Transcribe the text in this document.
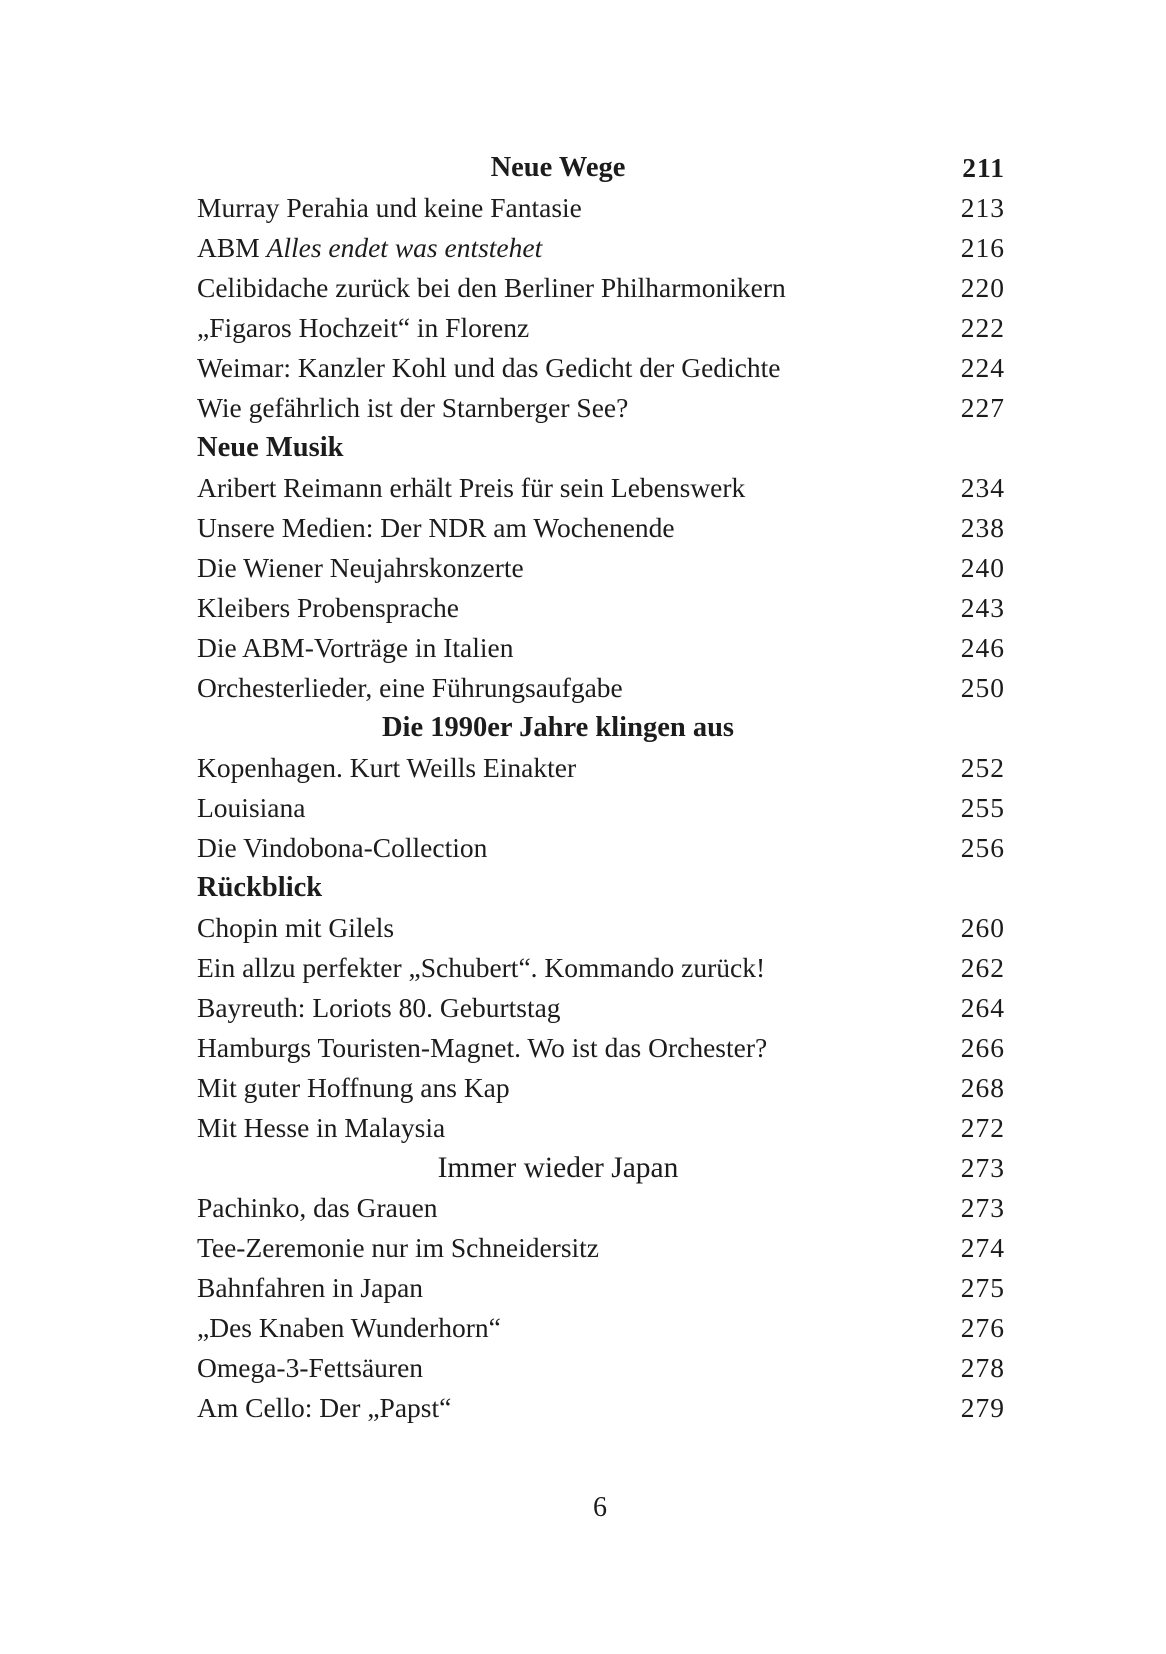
Neue Wege	211
Murray Perahia und keine Fantasie	213
ABM Alles endet was entstehet	216
Celibidache zurück bei den Berliner Philharmonikern	220
„Figaros Hochzeit“ in Florenz	222
Weimar: Kanzler Kohl und das Gedicht der Gedichte	224
Wie gefährlich ist der Starnberger See?	227
Neue Musik
Aribert Reimann erhält Preis für sein Lebenswerk	234
Unsere Medien: Der NDR am Wochenende	238
Die Wiener Neujahrskonzerte	240
Kleibers Probensprache	243
Die ABM-Vorträge in Italien	246
Orchesterlieder, eine Führungsaufgabe	250
Die 1990er Jahre klingen aus
Kopenhagen. Kurt Weills Einakter	252
Louisiana	255
Die Vindobona-Collection	256
Rückblick
Chopin mit Gilels	260
Ein allzu perfekter „Schubert“. Kommando zurück!	262
Bayreuth: Loriots 80. Geburtstag	264
Hamburgs Touristen-Magnet. Wo ist das Orchester?	266
Mit guter Hoffnung ans Kap	268
Mit Hesse in Malaysia	272
Immer wieder Japan	273
Pachinko, das Grauen	273
Tee-Zeremonie nur im Schneidersitz	274
Bahnfahren in Japan	275
„Des Knaben Wunderhorn“	276
Omega-3-Fettsäuren	278
Am Cello: Der „Papst“	279
6
